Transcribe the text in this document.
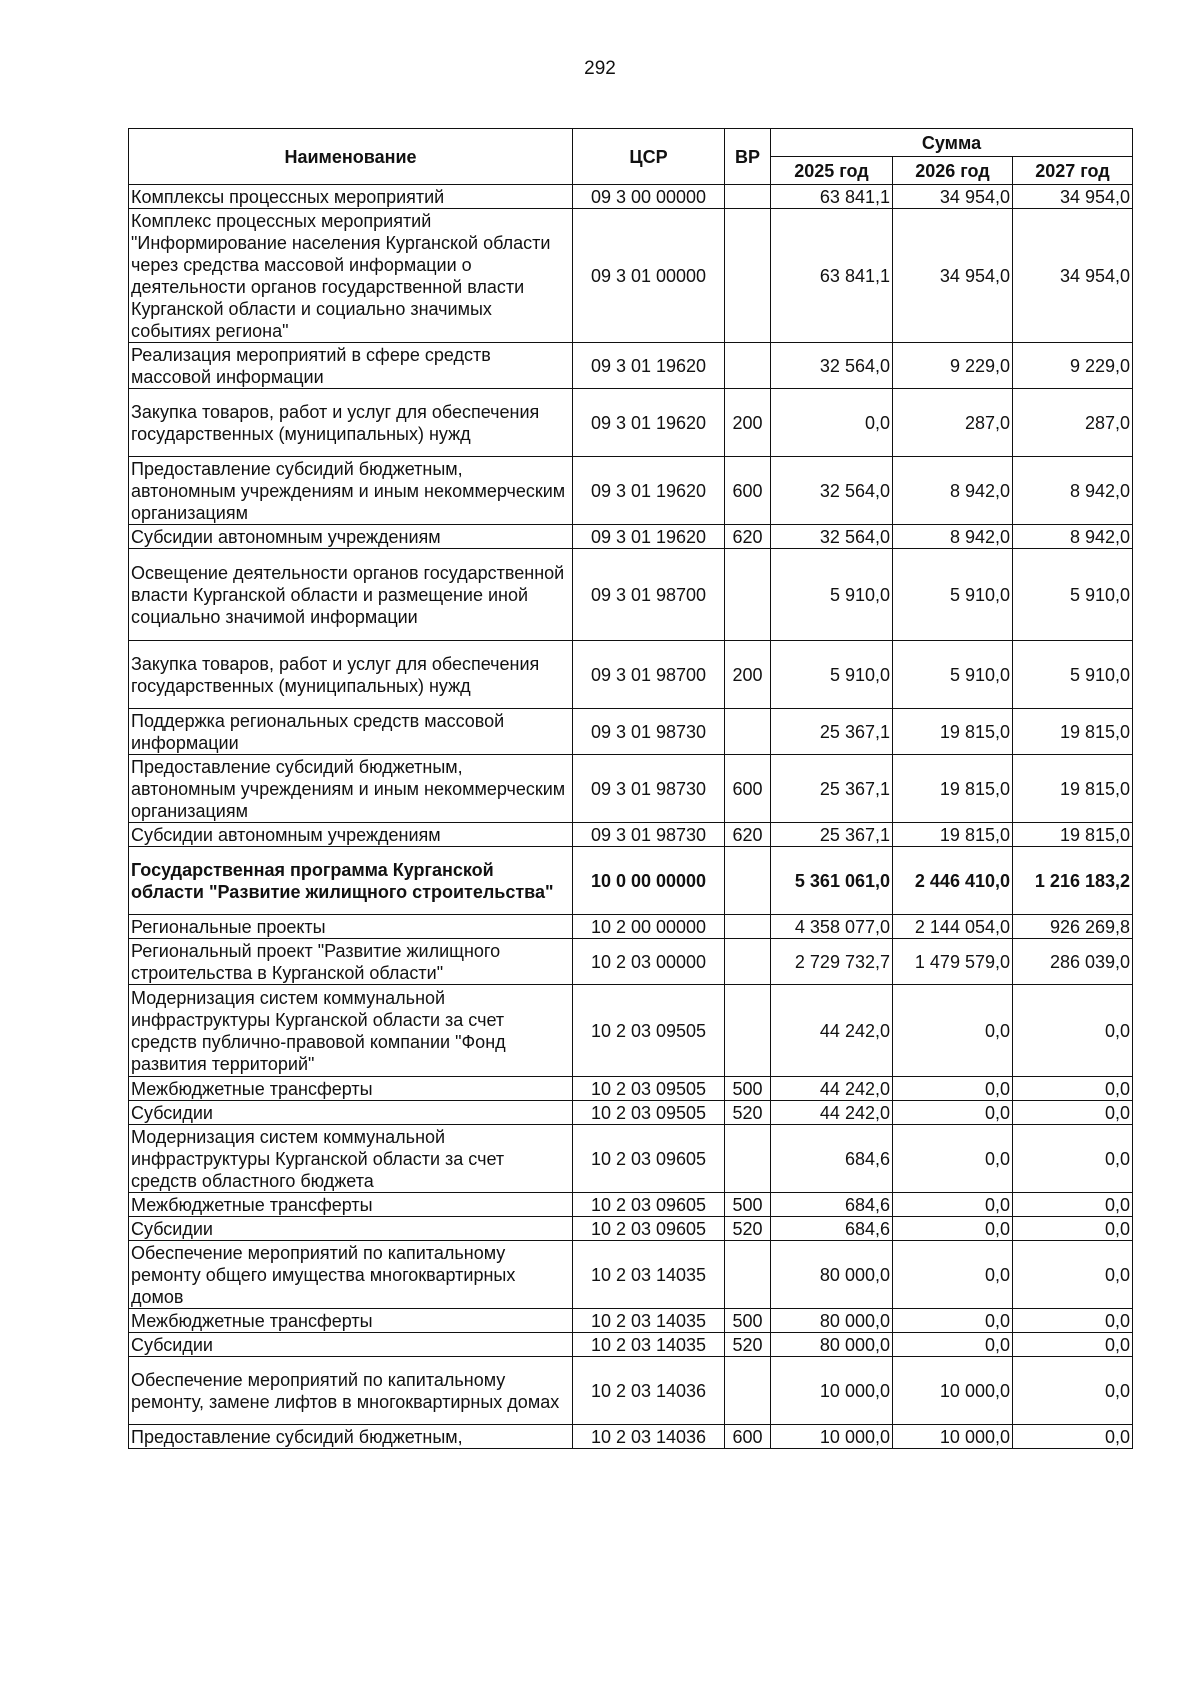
292
Наименование	ЦСР	ВР	Сумма		
			2025 год	2026 год	2027 год
Комплексы процессных мероприятий	09 3 00 00000		63 841,1	34 954,0	34 954,0
Комплекс процессных мероприятий "Информирование населения Курганской области через средства массовой информации о деятельности органов государственной власти Курганской области и социально значимых событиях региона"	09 3 01 00000		63 841,1	34 954,0	34 954,0
Реализация мероприятий в сфере средств массовой информации	09 3 01 19620		32 564,0	9 229,0	9 229,0
Закупка товаров, работ и услуг для обеспечения государственных (муниципальных) нужд	09 3 01 19620	200	0,0	287,0	287,0
Предоставление субсидий бюджетным, автономным учреждениям и иным некоммерческим организациям	09 3 01 19620	600	32 564,0	8 942,0	8 942,0
Субсидии автономным учреждениям	09 3 01 19620	620	32 564,0	8 942,0	8 942,0
Освещение деятельности органов государственной власти Курганской области и размещение иной социально значимой информации	09 3 01 98700		5 910,0	5 910,0	5 910,0
Закупка товаров, работ и услуг для обеспечения государственных (муниципальных) нужд	09 3 01 98700	200	5 910,0	5 910,0	5 910,0
Поддержка региональных средств массовой информации	09 3 01 98730		25 367,1	19 815,0	19 815,0
Предоставление субсидий бюджетным, автономным учреждениям и иным некоммерческим организациям	09 3 01 98730	600	25 367,1	19 815,0	19 815,0
Субсидии автономным учреждениям	09 3 01 98730	620	25 367,1	19 815,0	19 815,0
Государственная программа Курганской области "Развитие жилищного строительства"	10 0 00 00000		5 361 061,0	2 446 410,0	1 216 183,2
Региональные проекты	10 2 00 00000		4 358 077,0	2 144 054,0	926 269,8
Региональный проект "Развитие жилищного строительства в Курганской области"	10 2 03 00000		2 729 732,7	1 479 579,0	286 039,0
Модернизация систем коммунальной инфраструктуры Курганской области за счет средств публично-правовой компании "Фонд развития территорий"	10 2 03 09505		44 242,0	0,0	0,0
Межбюджетные трансферты	10 2 03 09505	500	44 242,0	0,0	0,0
Субсидии	10 2 03 09505	520	44 242,0	0,0	0,0
Модернизация систем коммунальной инфраструктуры Курганской области за счет средств областного бюджета	10 2 03 09605		684,6	0,0	0,0
Межбюджетные трансферты	10 2 03 09605	500	684,6	0,0	0,0
Субсидии	10 2 03 09605	520	684,6	0,0	0,0
Обеспечение мероприятий по капитальному ремонту общего имущества многоквартирных домов	10 2 03 14035		80 000,0	0,0	0,0
Межбюджетные трансферты	10 2 03 14035	500	80 000,0	0,0	0,0
Субсидии	10 2 03 14035	520	80 000,0	0,0	0,0
Обеспечение мероприятий по капитальному ремонту, замене лифтов в многоквартирных домах	10 2 03 14036		10 000,0	10 000,0	0,0
Предоставление субсидий бюджетным,	10 2 03 14036	600	10 000,0	10 000,0	0,0
